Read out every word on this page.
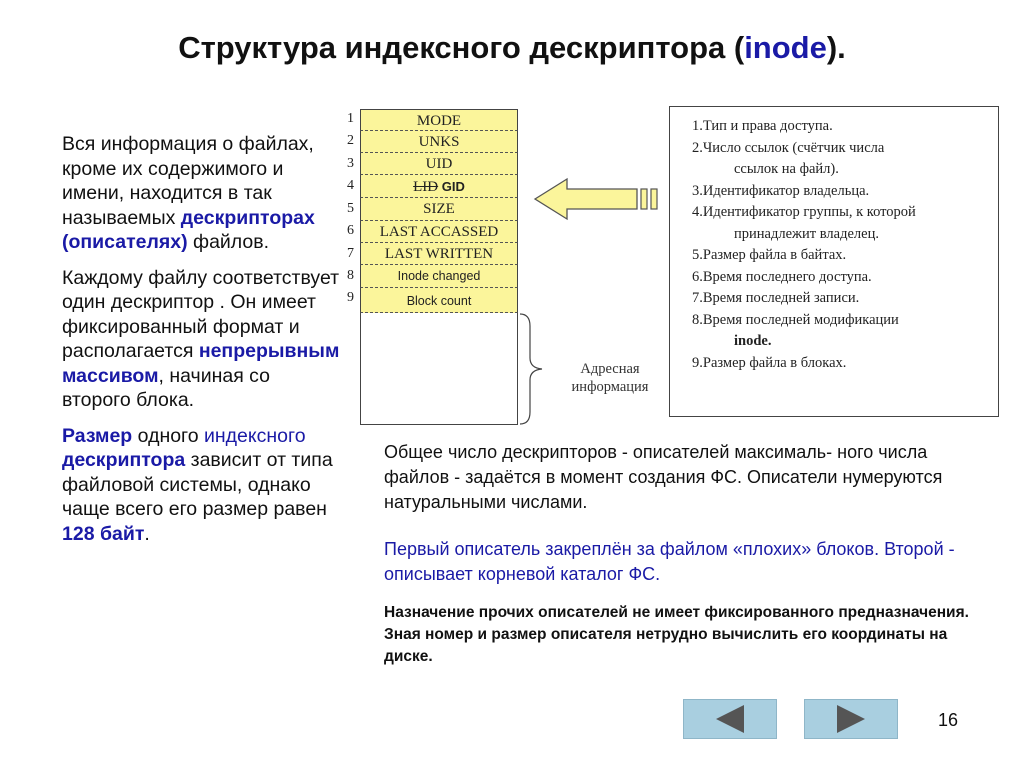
Структура индексного дескриптора (inode).

Вся информация о файлах, кроме их содержимого и имени, находится в так называемых дескрипторах (описателях) файлов.

Каждому файлу соответствует один дескриптор . Он имеет фиксированный формат и располагается непрерывным массивом, начиная со второго блока.

Размер одного индексного дескриптора зависит от типа файловой системы, однако чаще всего его размер равен 128 байт.

MODE
UNKS
UID
LID GID
SIZE
LAST ACCASSED
LAST WRITTEN
Inode changed
Block count
1
2
3
4
5
6
7
8
9
Адресная информация
1.Тип и права доступа.
2.Число ссылок (счётчик числа
ссылок на файл).
3.Идентификатор владельца.
4.Идентификатор группы, к которой
принадлежит владелец.
5.Размер файла в байтах.
6.Время последнего доступа.
7.Время последней записи.
8.Время последней модификации
inode.
9.Размер файла в блоках.
Общее число дескрипторов - описателей максималь- ного числа файлов - задаётся в момент создания ФС. Описатели нумеруются натуральными числами.
Первый описатель закреплён за файлом «плохих» блоков. Второй - описывает корневой каталог ФС.
Назначение прочих описателей не имеет фиксированного предназначения. Зная номер и размер описателя нетрудно вычислить его координаты на диске.
16
